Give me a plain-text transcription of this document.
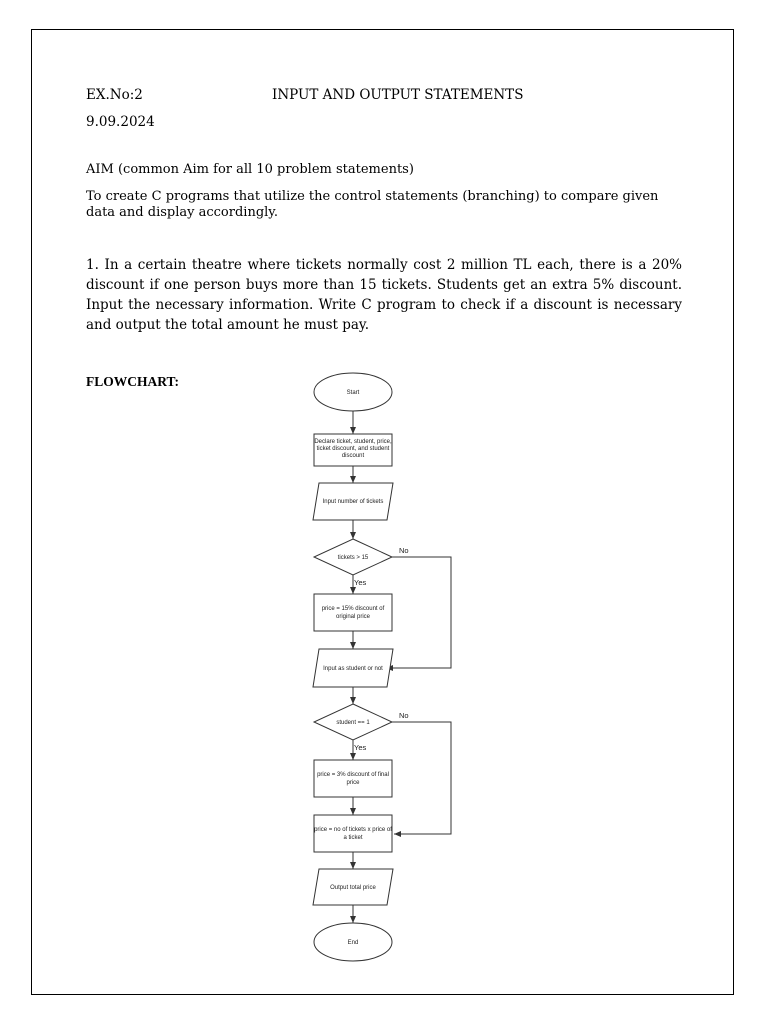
EX.No:2	INPUT AND OUTPUT STATEMENTS
9.09.2024
AIM (common Aim for all 10 problem statements)
To create C programs that utilize the control statements (branching) to compare given data and display accordingly.
1. In a certain theatre where tickets normally cost 2 million TL each, there is a 20% discount if one person buys more than 15 tickets. Students get an extra 5% discount. Input the necessary information. Write C program to check if a discount is necessary and output the total amount he must pay.
FLOWCHART:
Start
Declare ticket, student, price,
ticket discount, and student
discount
Input number of tickets
tickets > 15
price = 15% discount of
original price
Input as student or not
student == 1
price = 3% discount of final
price
price = no of tickets x price of
a ticket
Output total price
End
Yes
No
Yes
No
